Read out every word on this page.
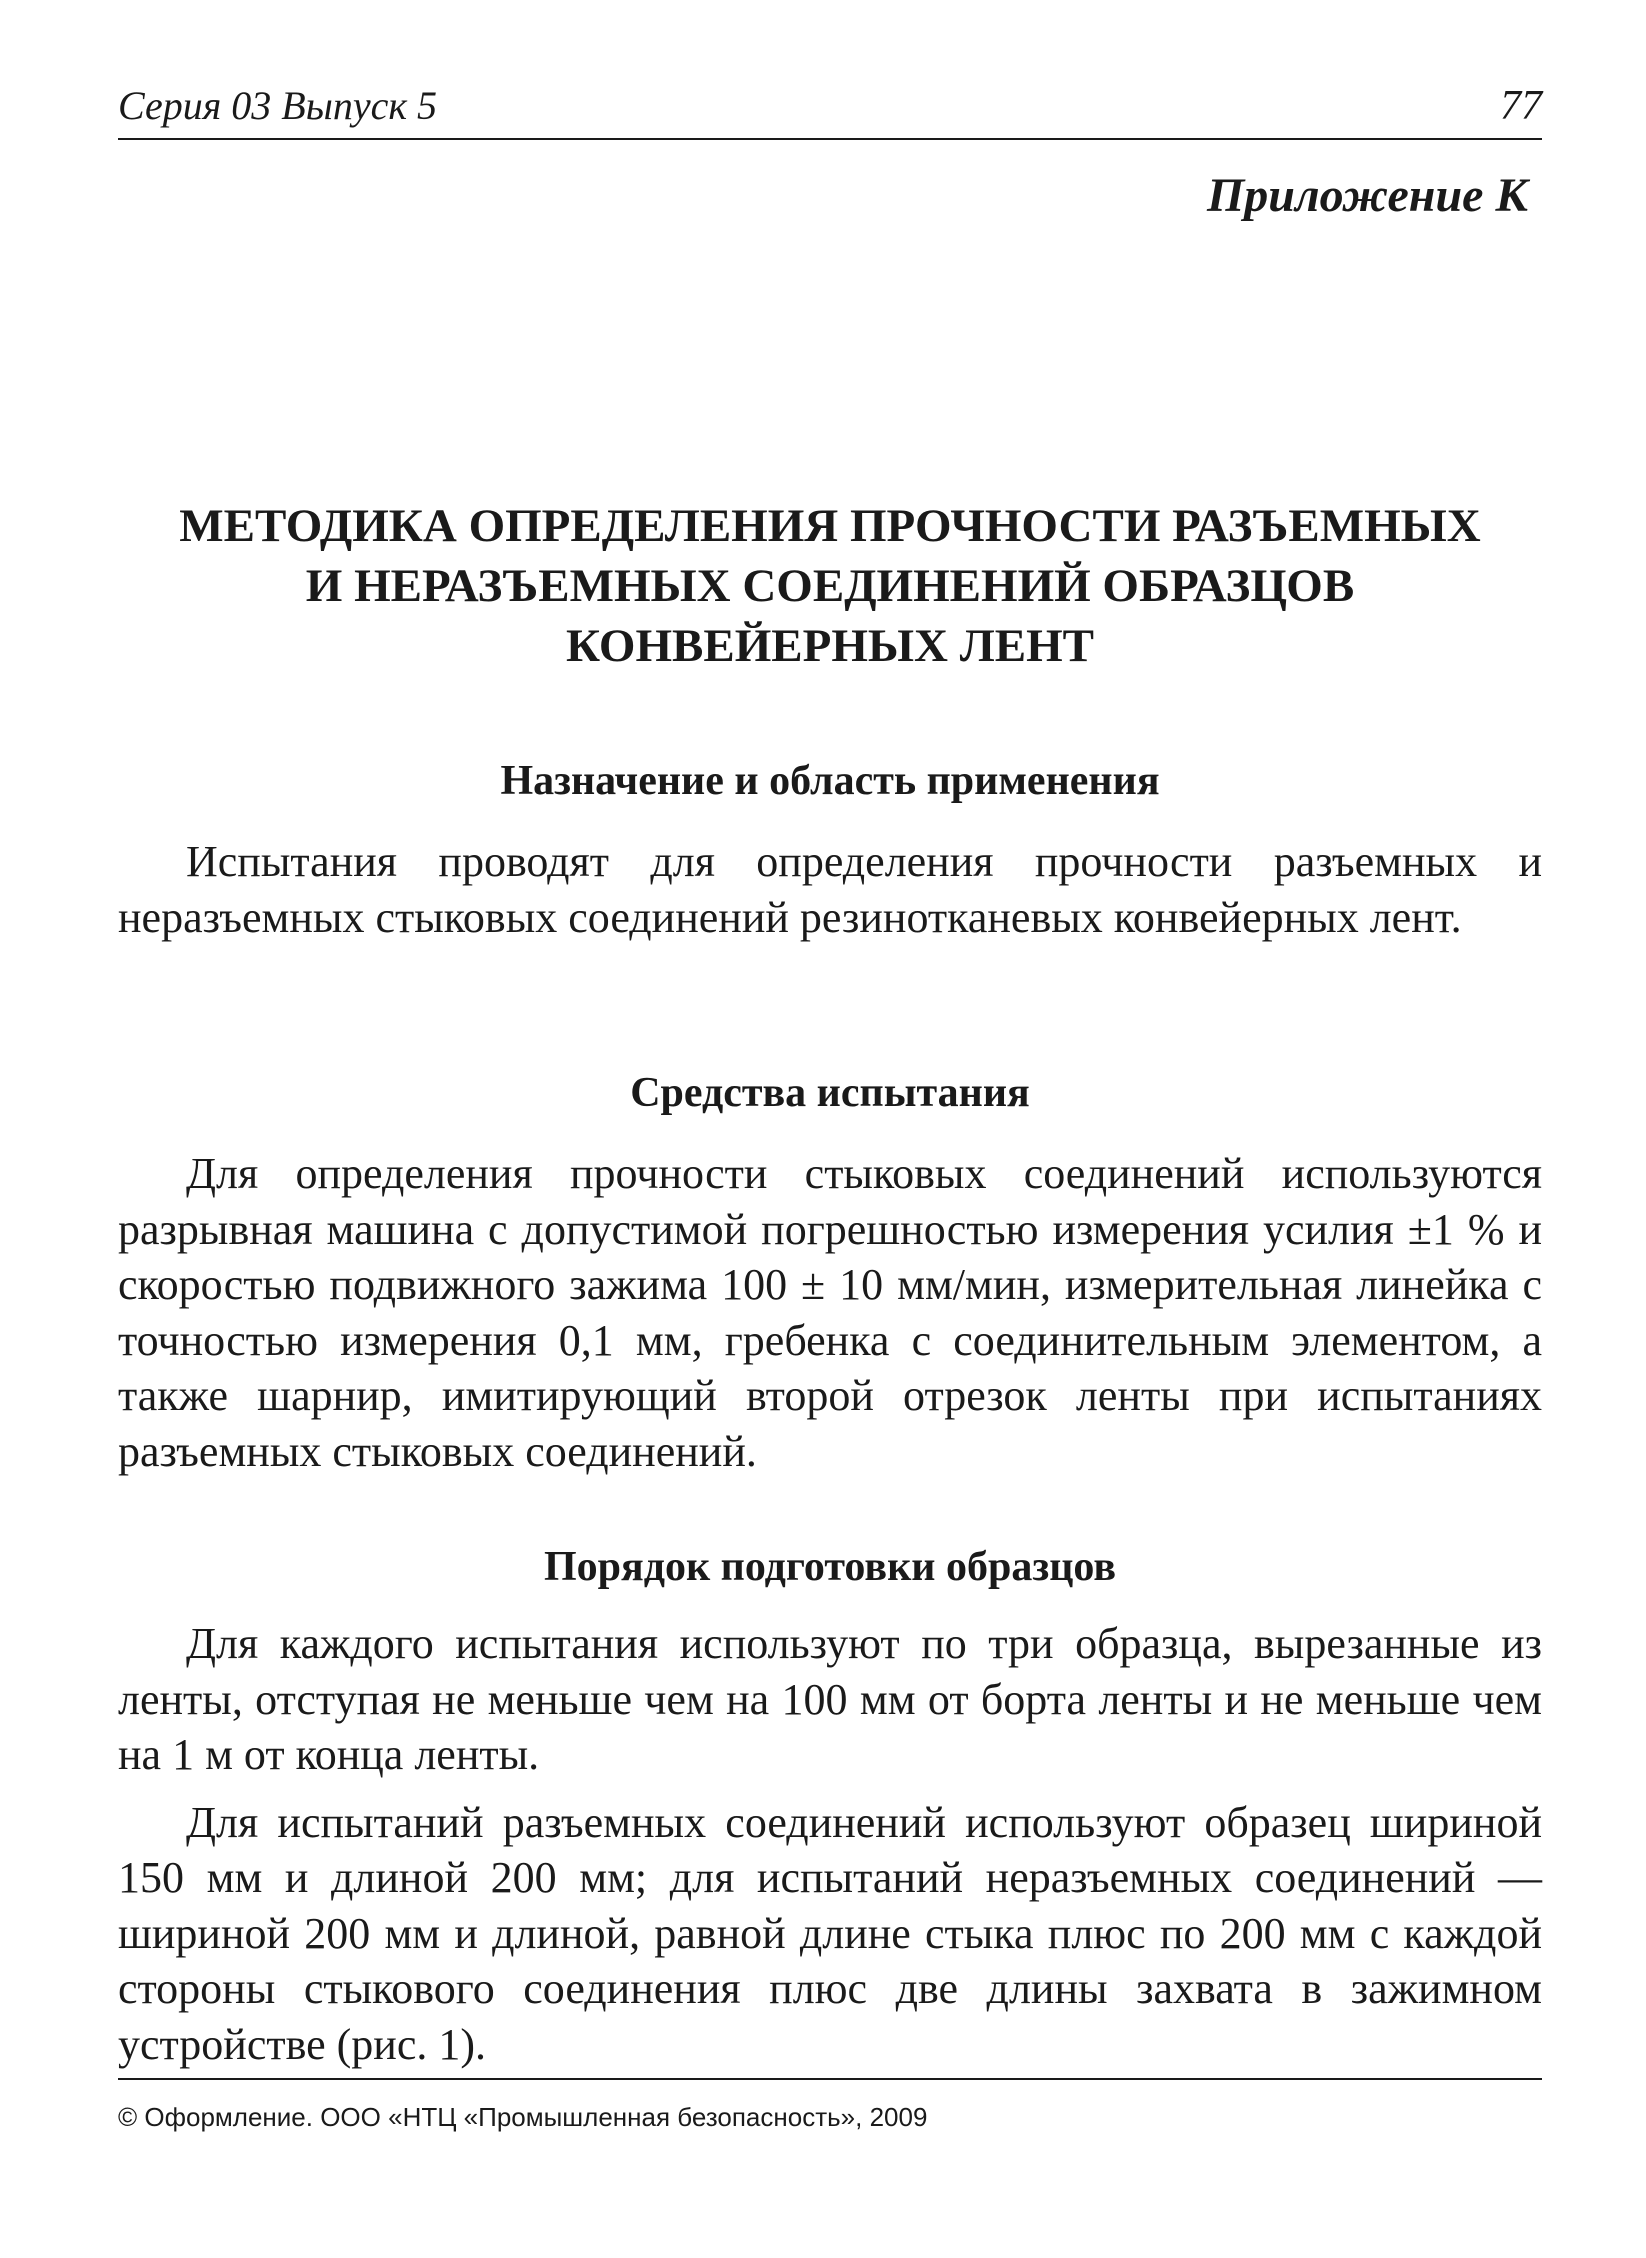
Серия 03 Выпуск 5	77
Приложение К
МЕТОДИКА ОПРЕДЕЛЕНИЯ ПРОЧНОСТИ РАЗЪЕМНЫХ
И НЕРАЗЪЕМНЫХ СОЕДИНЕНИЙ ОБРАЗЦОВ
КОНВЕЙЕРНЫХ ЛЕНТ
Назначение и область применения

Испытания проводят для определения прочности разъемных и неразъемных стыковых соединений резинотканевых конвейерных лент.

Средства испытания

Для определения прочности стыковых соединений используются разрывная машина с допустимой погрешностью измерения усилия ±1 % и скоростью подвижного зажима 100 ± 10 мм/мин, измерительная линейка с точностью измерения 0,1 мм, гребенка с соединительным элементом, а также шарнир, имитирующий второй отрезок ленты при испытаниях разъемных стыковых соединений.

Порядок подготовки образцов

Для каждого испытания используют по три образца, вырезанные из ленты, отступая не меньше чем на 100 мм от борта ленты и не меньше чем на 1 м от конца ленты.

Для испытаний разъемных соединений используют образец шириной 150 мм и длиной 200 мм; для испытаний неразъемных соединений — шириной 200 мм и длиной, равной длине стыка плюс по 200 мм с каждой стороны стыкового соединения плюс две длины захвата в зажимном устройстве (рис. 1).

© Оформление. ООО «НТЦ «Промышленная безопасность», 2009
